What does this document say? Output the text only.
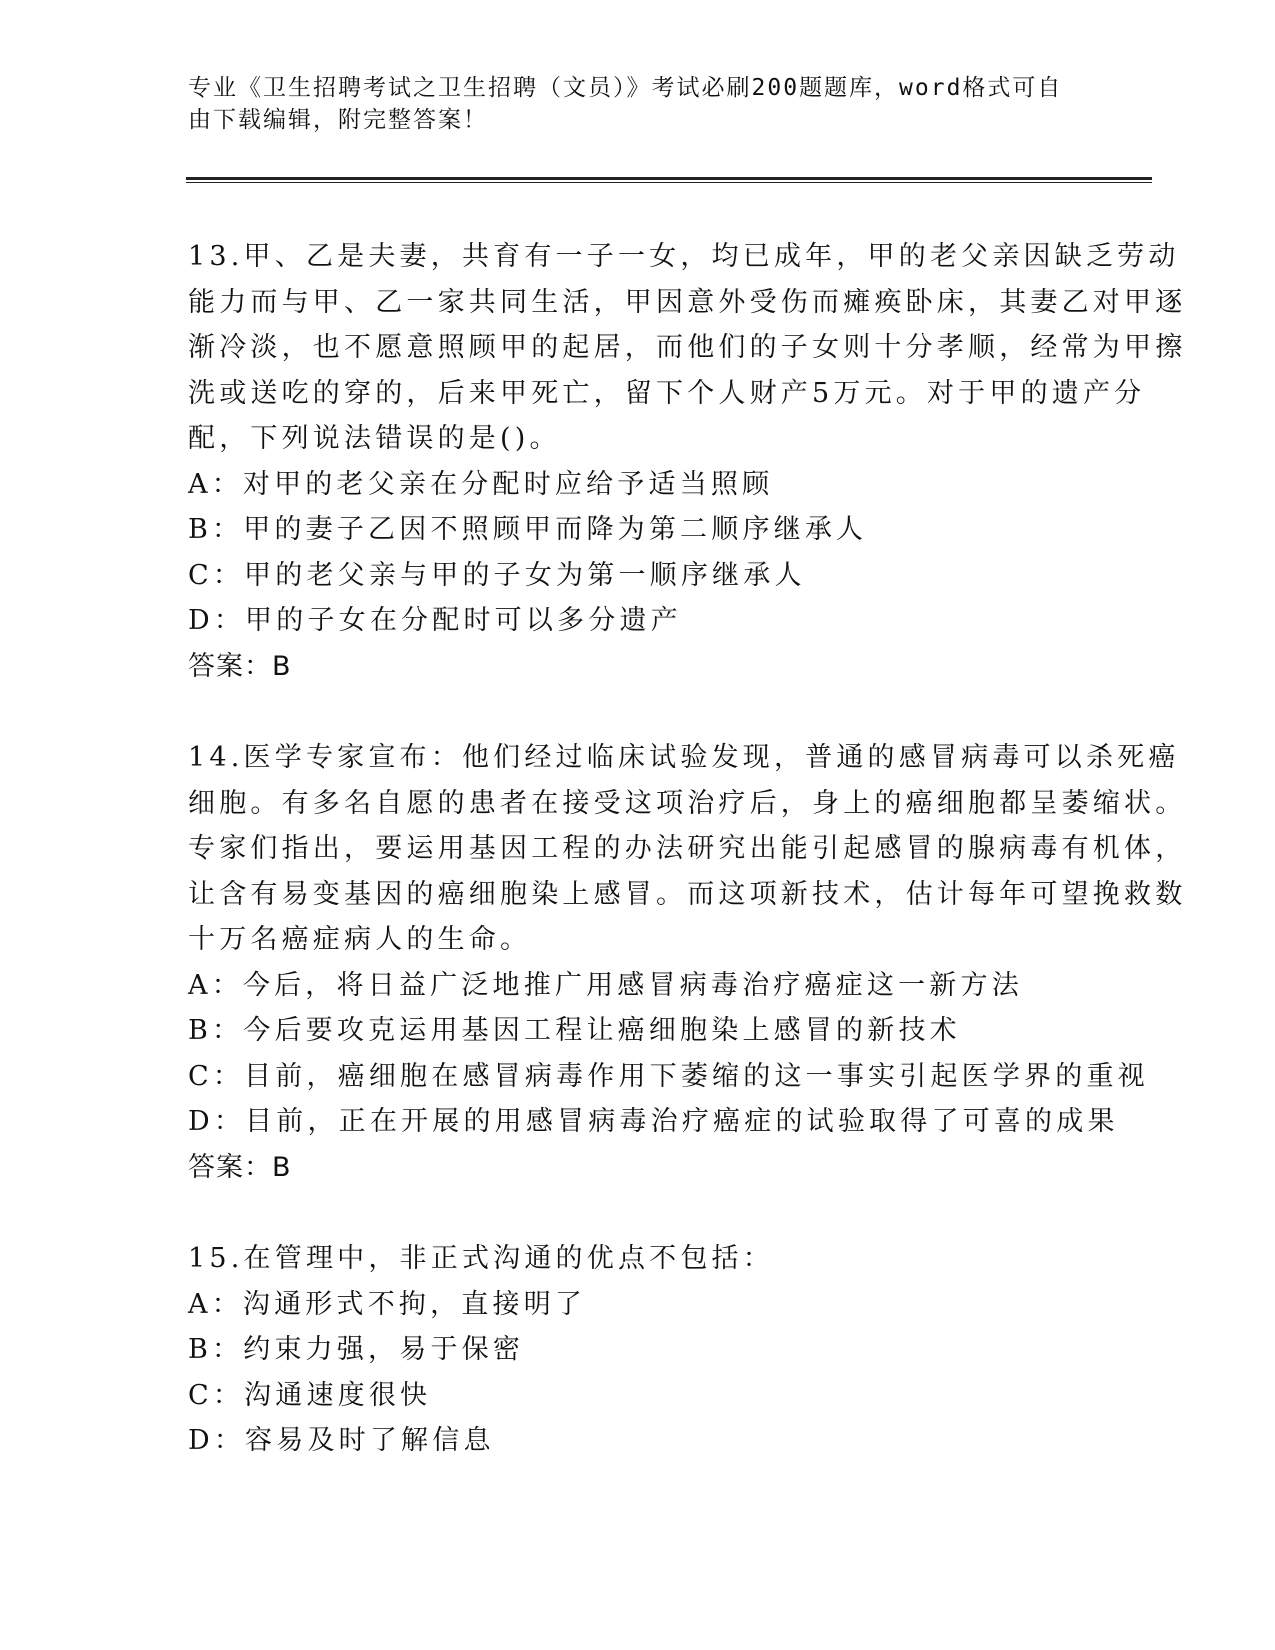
专业《卫生招聘考试之卫生招聘（文员）》考试必刷200题题库，word格式可自由下载编辑，附完整答案！

13.甲、乙是夫妻，共育有一子一女，均已成年，甲的老父亲因缺乏劳动能力而与甲、乙一家共同生活，甲因意外受伤而瘫痪卧床，其妻乙对甲逐渐冷淡，也不愿意照顾甲的起居，而他们的子女则十分孝顺，经常为甲擦洗或送吃的穿的，后来甲死亡，留下个人财产5万元。对于甲的遗产分配，下列说法错误的是()。

A：对甲的老父亲在分配时应给予适当照顾

B：甲的妻子乙因不照顾甲而降为第二顺序继承人

C：甲的老父亲与甲的子女为第一顺序继承人

D：甲的子女在分配时可以多分遗产

答案：B

14.医学专家宣布：他们经过临床试验发现，普通的感冒病毒可以杀死癌细胞。有多名自愿的患者在接受这项治疗后，身上的癌细胞都呈萎缩状。专家们指出，要运用基因工程的办法研究出能引起感冒的腺病毒有机体，让含有易变基因的癌细胞染上感冒。而这项新技术，估计每年可望挽救数十万名癌症病人的生命。

A：今后，将日益广泛地推广用感冒病毒治疗癌症这一新方法

B：今后要攻克运用基因工程让癌细胞染上感冒的新技术

C：目前，癌细胞在感冒病毒作用下萎缩的这一事实引起医学界的重视

D：目前，正在开展的用感冒病毒治疗癌症的试验取得了可喜的成果

答案：B

15.在管理中，非正式沟通的优点不包括：

A：沟通形式不拘，直接明了

B：约束力强，易于保密

C：沟通速度很快

D：容易及时了解信息
